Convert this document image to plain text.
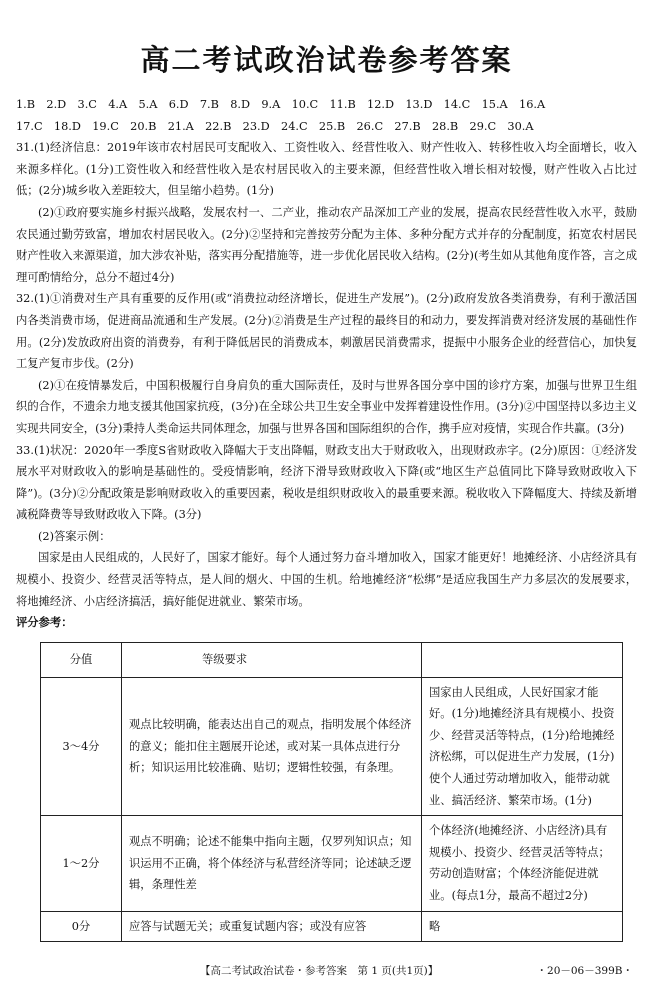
高二考试政治试卷参考答案

1.B　2.D　3.C　4.A　5.A　6.D　7.B　8.D　9.A　10.C　11.B　12.D　13.D　14.C　15.A　16.A

17.C　18.D　19.C　20.B　21.A　22.B　23.D　24.C　25.B　26.C　27.B　28.B　29.C　30.A

31.(1)经济信息：2019年该市农村居民可支配收入、工资性收入、经营性收入、财产性收入、转移性收入均全面增长，收入来源多样化。(1分)工资性收入和经营性收入是农村居民收入的主要来源，但经营性收入增长相对较慢，财产性收入占比过低；(2分)城乡收入差距较大，但呈缩小趋势。(1分)

(2)①政府要实施乡村振兴战略，发展农村一、二产业，推动农产品深加工产业的发展，提高农民经营性收入水平，鼓励农民通过勤劳致富，增加农村居民收入。(2分)②坚持和完善按劳分配为主体、多种分配方式并存的分配制度，拓宽农村居民财产性收入来源渠道，加大涉农补贴，落实再分配措施等，进一步优化居民收入结构。(2分)(考生如从其他角度作答，言之成理可酌情给分，总分不超过4分)

32.(1)①消费对生产具有重要的反作用(或“消费拉动经济增长，促进生产发展”)。(2分)政府发放各类消费券，有利于激活国内各类消费市场，促进商品流通和生产发展。(2分)②消费是生产过程的最终目的和动力，要发挥消费对经济发展的基础性作用。(2分)发放政府出资的消费券，有利于降低居民的消费成本，刺激居民消费需求，提振中小服务企业的经营信心，加快复工复产复市步伐。(2分)

(2)①在疫情暴发后，中国积极履行自身肩负的重大国际责任，及时与世界各国分享中国的诊疗方案，加强与世界卫生组织的合作，不遗余力地支援其他国家抗疫，(3分)在全球公共卫生安全事业中发挥着建设性作用。(3分)②中国坚持以多边主义实现共同安全，(3分)秉持人类命运共同体理念，加强与世界各国和国际组织的合作，携手应对疫情，实现合作共赢。(3分)

33.(1)状况：2020年一季度S省财政收入降幅大于支出降幅，财政支出大于财政收入，出现财政赤字。(2分)原因：①经济发展水平对财政收入的影响是基础性的。受疫情影响，经济下滑导致财政收入下降(或“地区生产总值同比下降导致财政收入下降”)。(3分)②分配政策是影响财政收入的重要因素，税收是组织财政收入的最重要来源。税收收入下降幅度大、持续及新增减税降费等导致财政收入下降。(3分)

(2)答案示例：

国家是由人民组成的，人民好了，国家才能好。每个人通过努力奋斗增加收入，国家才能更好！地摊经济、小店经济具有规模小、投资少、经营灵活等特点，是人间的烟火、中国的生机。给地摊经济“松绑”是适应我国生产力多层次的发展要求，将地摊经济、小店经济搞活，搞好能促进就业、繁荣市场。

评分参考：

分值	等级要求	
3～4分	观点比较明确，能表达出自己的观点，指明发展个体经济的意义；能扣住主题展开论述，或对某一具体点进行分析；知识运用比较准确、贴切；逻辑性较强，有条理。	国家由人民组成，人民好国家才能好。(1分)地摊经济具有规模小、投资少、经营灵活等特点，(1分)给地摊经济松绑，可以促进生产力发展，(1分)使个人通过劳动增加收入，能带动就业、搞活经济、繁荣市场。(1分)
1～2分	观点不明确；论述不能集中指向主题，仅罗列知识点；知识运用不正确，将个体经济与私营经济等同；论述缺乏逻辑，条理性差	个体经济(地摊经济、小店经济)具有规模小、投资少、经营灵活等特点；劳动创造财富；个体经济能促进就业。(每点1分，最高不超过2分)
0分	应答与试题无关；或重复试题内容；或没有应答	略
【高二考试政治试卷・参考答案　第 1 页(共1页)】	・20－06－399B・
